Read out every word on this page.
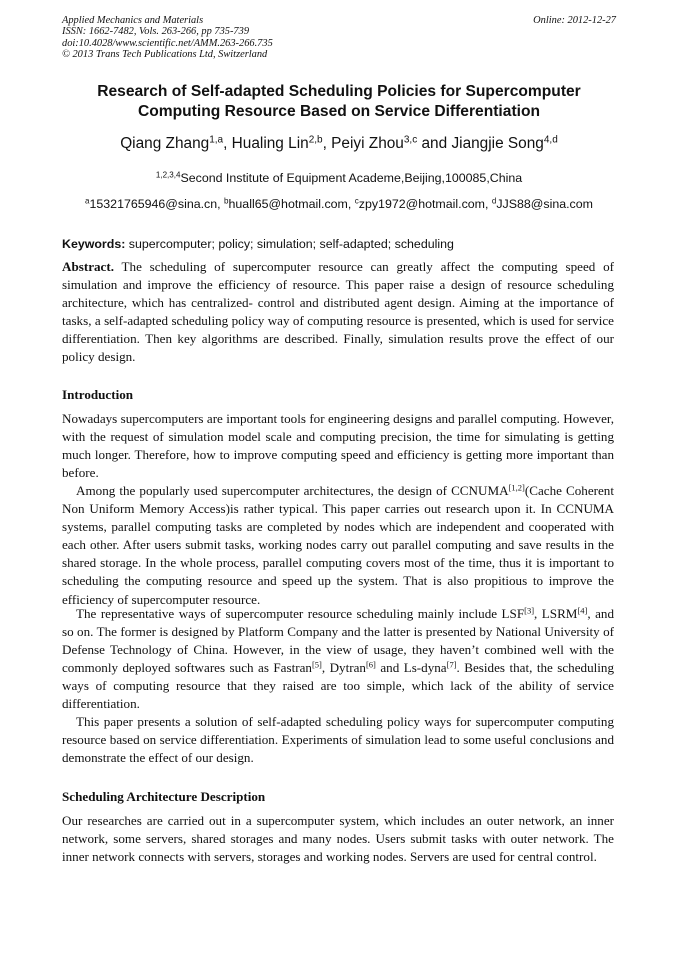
Applied Mechanics and Materials
ISSN: 1662-7482, Vols. 263-266, pp 735-739
doi:10.4028/www.scientific.net/AMM.263-266.735
© 2013 Trans Tech Publications Ltd, Switzerland
Online: 2012-12-27
Research of Self-adapted Scheduling Policies for Supercomputer Computing Resource Based on Service Differentiation
Qiang Zhang$^{1,a}$, Hualing Lin$^{2,b}$, Peiyi Zhou$^{3,c}$ and Jiangjie Song$^{4,d}$
$^{1,2,3,4}$Second Institute of Equipment Academe,Beijing,100085,China
$^a$15321765946@sina.cn, $^b$huall65@hotmail.com, $^c$zpy1972@hotmail.com, $^d$JJS88@sina.com
Keywords: supercomputer; policy; simulation; self-adapted; scheduling
Abstract. The scheduling of supercomputer resource can greatly affect the computing speed of simulation and improve the efficiency of resource. This paper raise a design of resource scheduling architecture, which has centralized- control and distributed agent design. Aiming at the importance of tasks, a self-adapted scheduling policy way of computing resource is presented, which is used for service differentiation. Then key algorithms are described. Finally, simulation results prove the effect of our policy design.
Introduction
Nowadays supercomputers are important tools for engineering designs and parallel computing. However, with the request of simulation model scale and computing precision, the time for simulating is getting much longer. Therefore, how to improve computing speed and efficiency is getting more important than before.
Among the popularly used supercomputer architectures, the design of CCNUMA[1,2](Cache Coherent Non Uniform Memory Access)is rather typical. This paper carries out research upon it. In CCNUMA systems, parallel computing tasks are completed by nodes which are independent and cooperated with each other. After users submit tasks, working nodes carry out parallel computing and save results in the shared storage. In the whole process, parallel computing covers most of the time, thus it is important to scheduling the computing resource and speed up the system. That is also propitious to improve the efficiency of supercomputer resource.
The representative ways of supercomputer resource scheduling mainly include LSF[3], LSRM[4], and so on. The former is designed by Platform Company and the latter is presented by National University of Defense Technology of China. However, in the view of usage, they haven’t combined well with the commonly deployed softwares such as Fastran[5], Dytran[6] and Ls-dyna[7]. Besides that, the scheduling ways of computing resource that they raised are too simple, which lack of the ability of service differentiation.
This paper presents a solution of self-adapted scheduling policy ways for supercomputer computing resource based on service differentiation. Experiments of simulation lead to some useful conclusions and demonstrate the effect of our design.
Scheduling Architecture Description
Our researches are carried out in a supercomputer system, which includes an outer network, an inner network, some servers, shared storages and many nodes. Users submit tasks with outer network. The inner network connects with servers, storages and working nodes. Servers are used for central control.
